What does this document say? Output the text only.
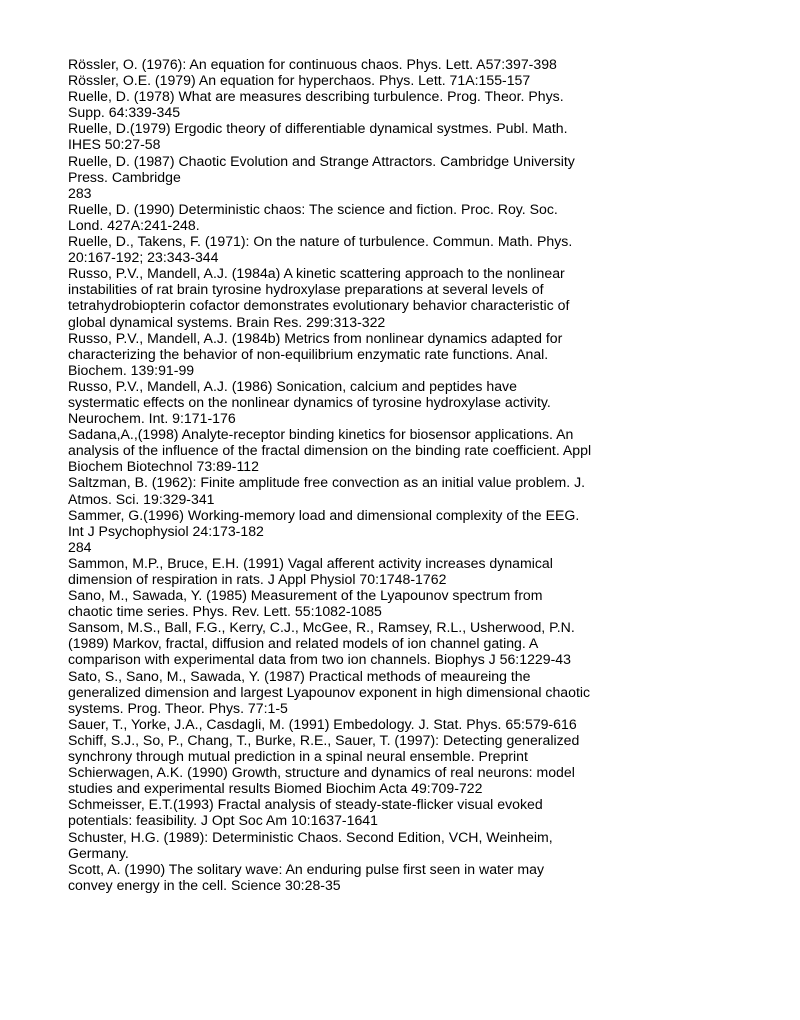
Rössler, O. (1976): An equation for continuous chaos. Phys. Lett. A57:397-398

Rössler, O.E. (1979) An equation for hyperchaos. Phys. Lett. 71A:155-157

Ruelle, D. (1978) What are measures describing turbulence. Prog. Theor. Phys.

Supp. 64:339-345

Ruelle, D.(1979) Ergodic theory of differentiable dynamical systmes. Publ. Math.

IHES 50:27-58

Ruelle, D. (1987) Chaotic Evolution and Strange Attractors. Cambridge University

Press. Cambridge

283

Ruelle, D. (1990) Deterministic chaos: The science and fiction. Proc. Roy. Soc.

Lond. 427A:241-248.

Ruelle, D., Takens, F. (1971): On the nature of turbulence. Commun. Math. Phys.

20:167-192; 23:343-344

Russo, P.V., Mandell, A.J. (1984a) A kinetic scattering approach to the nonlinear

instabilities of rat brain tyrosine hydroxylase preparations at several levels of

tetrahydrobiopterin cofactor demonstrates evolutionary behavior characteristic of

global dynamical systems. Brain Res. 299:313-322

Russo, P.V., Mandell, A.J. (1984b) Metrics from nonlinear dynamics adapted for

characterizing the behavior of non-equilibrium enzymatic rate functions. Anal.

Biochem. 139:91-99

Russo, P.V., Mandell, A.J. (1986) Sonication, calcium and peptides have

systermatic effects on the nonlinear dynamics of tyrosine hydroxylase activity.

Neurochem. Int. 9:171-176

Sadana,A.,(1998) Analyte-receptor binding kinetics for biosensor applications. An

analysis of the influence of the fractal dimension on the binding rate coefficient. Appl

Biochem Biotechnol 73:89-112

Saltzman, B. (1962): Finite amplitude free convection as an initial value problem. J.

Atmos. Sci. 19:329-341

Sammer, G.(1996) Working-memory load and dimensional complexity of the EEG.

Int J Psychophysiol 24:173-182

284

Sammon, M.P., Bruce, E.H. (1991) Vagal afferent activity increases dynamical

dimension of respiration in rats. J Appl Physiol 70:1748-1762

Sano, M., Sawada, Y. (1985) Measurement of the Lyapounov spectrum from

chaotic time series. Phys. Rev. Lett. 55:1082-1085

Sansom, M.S., Ball, F.G., Kerry, C.J., McGee, R., Ramsey, R.L., Usherwood, P.N.

(1989) Markov, fractal, diffusion and related models of ion channel gating. A

comparison with experimental data from two ion channels. Biophys J 56:1229-43

Sato, S., Sano, M., Sawada, Y. (1987) Practical methods of meaureing the

generalized dimension and largest Lyapounov exponent in high dimensional chaotic

systems. Prog. Theor. Phys. 77:1-5

Sauer, T., Yorke, J.A., Casdagli, M. (1991) Embedology. J. Stat. Phys. 65:579-616

Schiff, S.J., So, P., Chang, T., Burke, R.E., Sauer, T. (1997): Detecting generalized

synchrony through mutual prediction in a spinal neural ensemble. Preprint

Schierwagen, A.K. (1990) Growth, structure and dynamics of real neurons: model

studies and experimental results Biomed Biochim Acta 49:709-722

Schmeisser, E.T.(1993) Fractal analysis of steady-state-flicker visual evoked

potentials: feasibility. J Opt Soc Am 10:1637-1641

Schuster, H.G. (1989): Deterministic Chaos. Second Edition, VCH, Weinheim,

Germany.

Scott, A. (1990) The solitary wave: An enduring pulse first seen in water may

convey energy in the cell. Science 30:28-35
